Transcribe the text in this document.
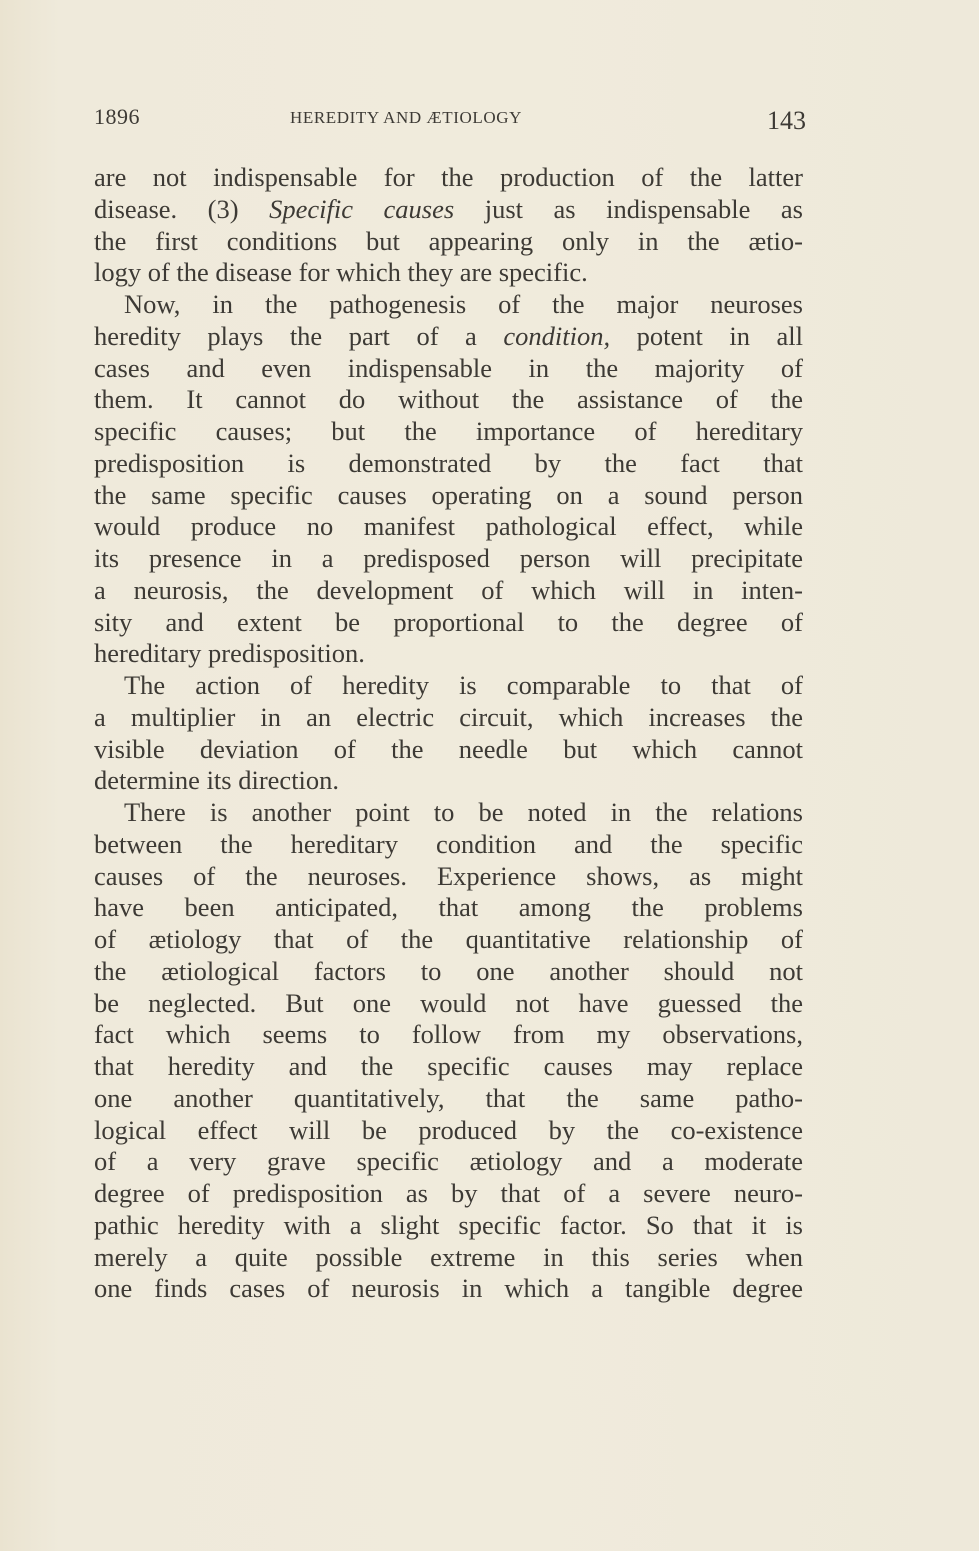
1896	HEREDITY AND ÆTIOLOGY	143
are not indispensable for the production of the latter
disease. (3) Specific causes just as indispensable as
the first conditions but appearing only in the ætio-
logy of the disease for which they are specific.
Now, in the pathogenesis of the major neuroses
heredity plays the part of a condition, potent in all
cases and even indispensable in the majority of
them. It cannot do without the assistance of the
specific causes; but the importance of hereditary
predisposition is demonstrated by the fact that
the same specific causes operating on a sound person
would produce no manifest pathological effect, while
its presence in a predisposed person will precipitate
a neurosis, the development of which will in inten-
sity and extent be proportional to the degree of
hereditary predisposition.
The action of heredity is comparable to that of
a multiplier in an electric circuit, which increases the
visible deviation of the needle but which cannot
determine its direction.
There is another point to be noted in the relations
between the hereditary condition and the specific
causes of the neuroses. Experience shows, as might
have been anticipated, that among the problems
of ætiology that of the quantitative relationship of
the ætiological factors to one another should not
be neglected. But one would not have guessed the
fact which seems to follow from my observations,
that heredity and the specific causes may replace
one another quantitatively, that the same patho-
logical effect will be produced by the co-existence
of a very grave specific ætiology and a moderate
degree of predisposition as by that of a severe neuro-
pathic heredity with a slight specific factor. So that it is
merely a quite possible extreme in this series when
one finds cases of neurosis in which a tangible degree
